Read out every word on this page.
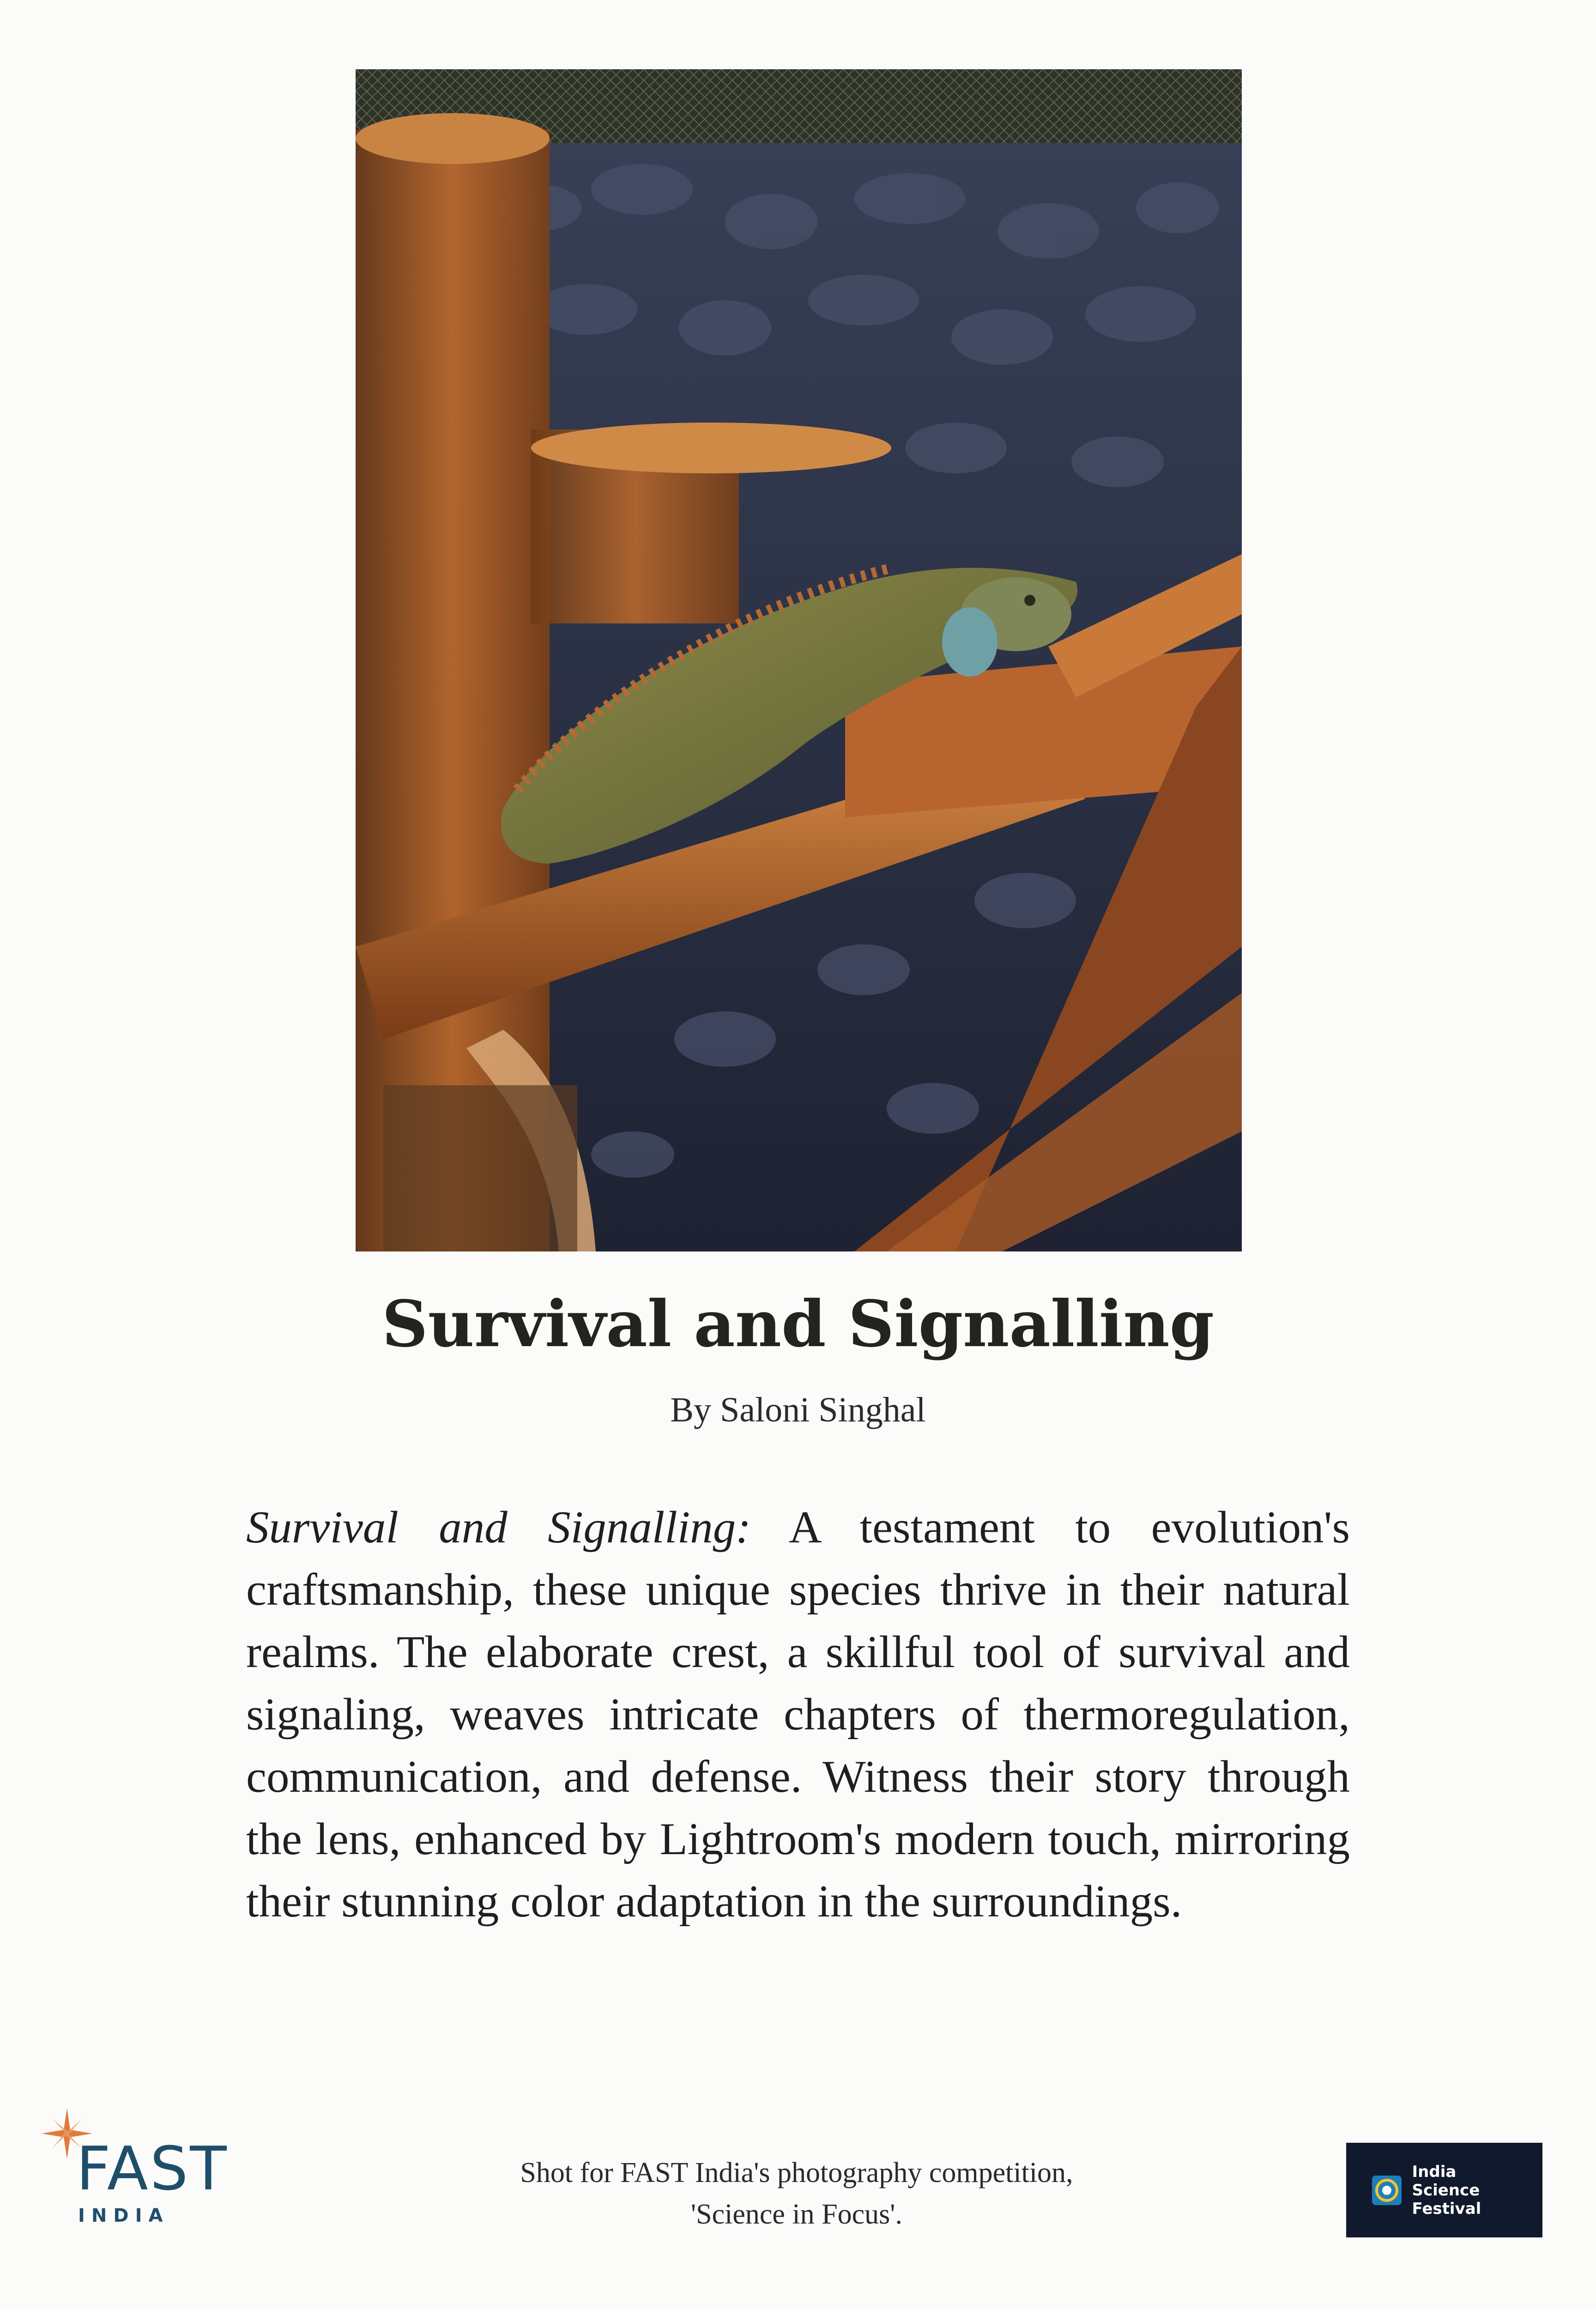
Survival and Signalling
By Saloni Singhal
Survival and Signalling: A testament to evolution's craftsmanship, these unique species thrive in their natural realms. The elaborate crest, a skillful tool of survival and signaling, weaves intricate chapters of thermoregulation, communication, and defense. Witness their story through the lens, enhanced by Lightroom's modern touch, mirroring their stunning color adaptation in the surroundings.
FAST
INDIA
Shot for FAST India's photography competition,
'Science in Focus'.
India Science
Festival
